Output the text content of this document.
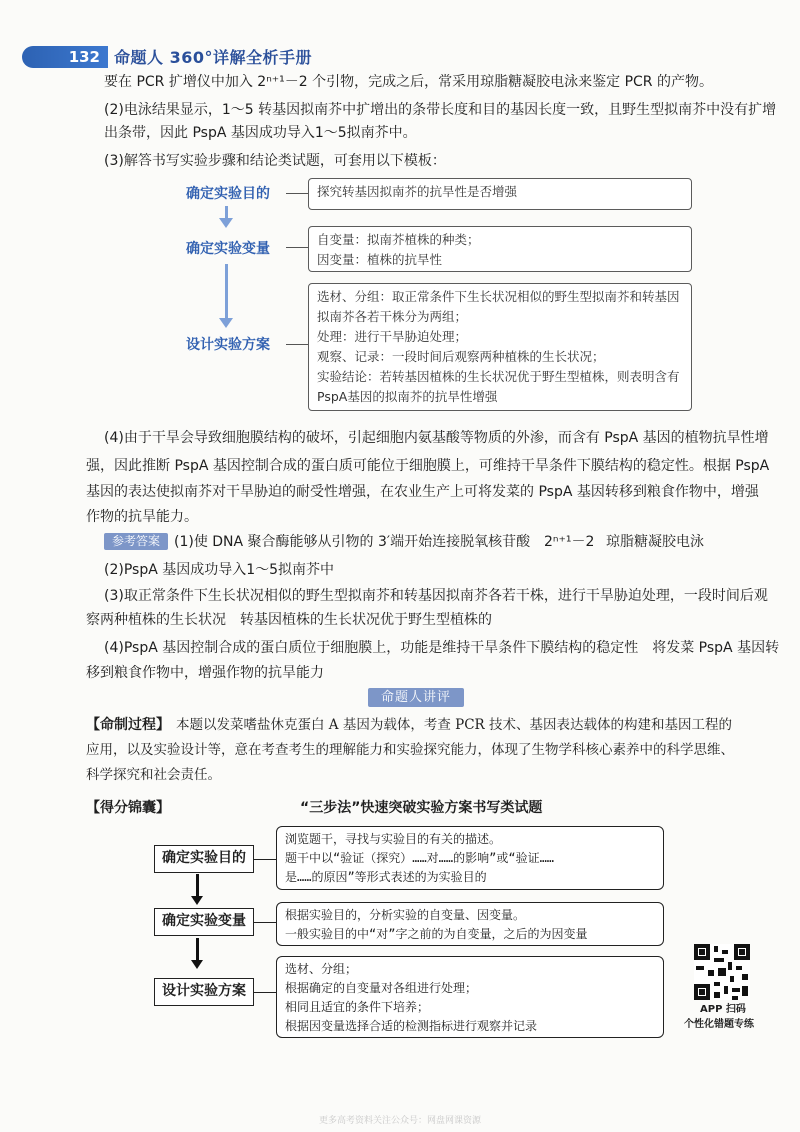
132 命题人 360°详解全析手册
要在 PCR 扩增仪中加入 2ⁿ⁺¹－2 个引物，完成之后，常采用琼脂糖凝胶电泳来鉴定 PCR 的产物。
(2)电泳结果显示，1～5 转基因拟南芥中扩增出的条带长度和目的基因长度一致，且野生型拟南芥中没有扩增
出条带，因此 PspA 基因成功导入1～5拟南芥中。
(3)解答书写实验步骤和结论类试题，可套用以下模板：
确定实验目的	探究转基因拟南芥的抗旱性是否增强
确定实验变量
自变量：拟南芥植株的种类；
因变量：植株的抗旱性
设计实验方案
选材、分组：取正常条件下生长状况相似的野生型拟南芥和转基因
拟南芥各若干株分为两组；
处理：进行干旱胁迫处理；
观察、记录：一段时间后观察两种植株的生长状况；
实验结论：若转基因植株的生长状况优于野生型植株，则表明含有
PspA基因的拟南芥的抗旱性增强
(4)由于干旱会导致细胞膜结构的破坏，引起细胞内氨基酸等物质的外渗，而含有 PspA 基因的植物抗旱性增
强，因此推断 PspA 基因控制合成的蛋白质可能位于细胞膜上，可维持干旱条件下膜结构的稳定性。根据 PspA
基因的表达使拟南芥对干旱胁迫的耐受性增强，在农业生产上可将发菜的 PspA 基因转移到粮食作物中，增强
作物的抗旱能力。
参考答案	(1)使 DNA 聚合酶能够从引物的 3′端开始连接脱氧核苷酸 2ⁿ⁺¹－2 琼脂糖凝胶电泳
(2)PspA 基因成功导入1～5拟南芥中
(3)取正常条件下生长状况相似的野生型拟南芥和转基因拟南芥各若干株，进行干旱胁迫处理，一段时间后观
察两种植株的生长状况　转基因植株的生长状况优于野生型植株的
(4)PspA 基因控制合成的蛋白质位于细胞膜上，功能是维持干旱条件下膜结构的稳定性　将发菜 PspA 基因转
移到粮食作物中，增强作物的抗旱能力
命题人讲评
【命制过程】 本题以发菜嗜盐休克蛋白 A 基因为载体，考查 PCR 技术、基因表达载体的构建和基因工程的
应用，以及实验设计等，意在考查考生的理解能力和实验探究能力，体现了生物学科核心素养中的科学思维、
科学探究和社会责任。
【得分锦囊】	“三步法”快速突破实验方案书写类试题
确定实验目的
浏览题干，寻找与实验目的有关的描述。
题干中以“验证（探究）……对……的影响”或“验证……
是……的原因”等形式表述的为实验目的
确定实验变量	根据实验目的，分析实验的自变量、因变量。
一般实验目的中“对”字之前的为自变量，之后的为因变量
设计实验方案
选材、分组；
根据确定的自变量对各组进行处理；
相同且适宜的条件下培养；
根据因变量选择合适的检测指标进行观察并记录
APP 扫码
个性化错题专练
更多高考资料关注公众号：网盘网课资源
